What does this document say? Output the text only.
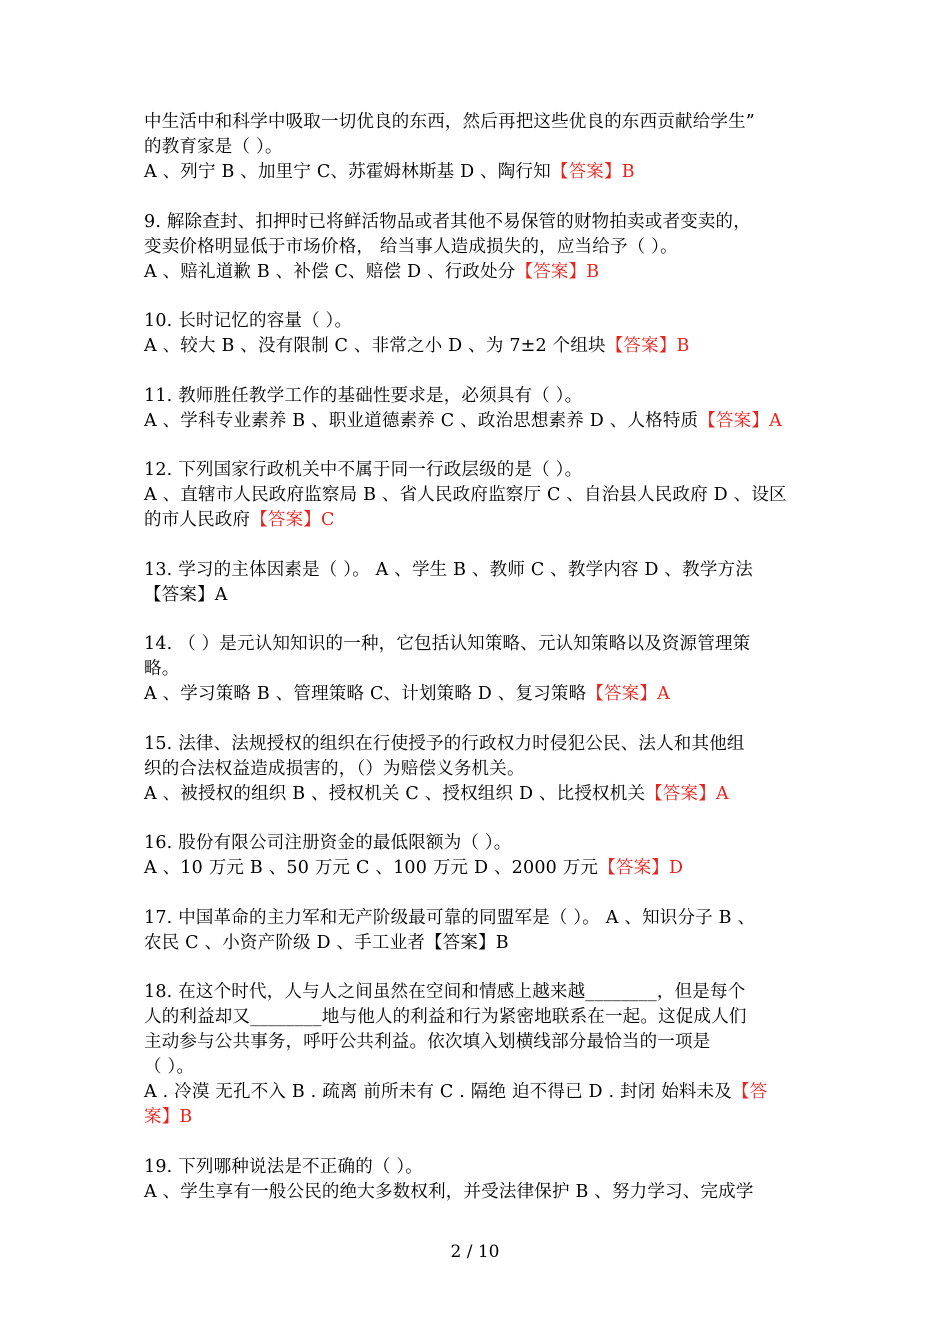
中生活中和科学中吸取一切优良的东西，然后再把这些优良的东西贡献给学生”
的教育家是（ ）。
A 、列宁 B 、加里宁 C、苏霍姆林斯基 D 、陶行知【答案】B
9. 解除查封、扣押时已将鲜活物品或者其他不易保管的财物拍卖或者变卖的，
变卖价格明显低于市场价格， 给当事人造成损失的，应当给予（ ）。
A 、赔礼道歉 B 、补偿 C、赔偿 D 、行政处分【答案】B
10. 长时记忆的容量（ ）。
A 、较大 B 、没有限制 C 、非常之小 D 、为 7±2 个组块【答案】B
11. 教师胜任教学工作的基础性要求是，必须具有（ ）。
A 、学科专业素养 B 、职业道德素养 C 、政治思想素养 D 、人格特质【答案】A
12. 下列国家行政机关中不属于同一行政层级的是（ ）。
A 、直辖市人民政府监察局 B 、省人民政府监察厅 C 、自治县人民政府 D 、设区
的市人民政府【答案】C
13. 学习的主体因素是（ ）。 A 、学生 B 、教师 C 、教学内容 D 、教学方法
【答案】A
14. （ ）是元认知知识的一种，它包括认知策略、元认知策略以及资源管理策
略。
A 、学习策略 B 、管理策略 C、计划策略 D 、复习策略【答案】A
15. 法律、法规授权的组织在行使授予的行政权力时侵犯公民、法人和其他组
织的合法权益造成损害的，（）为赔偿义务机关。
A 、被授权的组织 B 、授权机关 C 、授权组织 D 、比授权机关【答案】A
16. 股份有限公司注册资金的最低限额为（ ）。
A 、10 万元 B 、50 万元 C 、100 万元 D 、2000 万元【答案】D
17. 中国革命的主力军和无产阶级最可靠的同盟军是（ ）。 A 、知识分子 B 、
农民 C 、小资产阶级 D 、手工业者【答案】B
18. 在这个时代，人与人之间虽然在空间和情感上越来越________，但是每个
人的利益却又________地与他人的利益和行为紧密地联系在一起。这促成人们
主动参与公共事务，呼吁公共利益。依次填入划横线部分最恰当的一项是
（ ）。
A . 冷漠 无孔不入 B . 疏离 前所未有 C . 隔绝 迫不得已 D . 封闭 始料未及【答
案】B
19. 下列哪种说法是不正确的（ ）。
A 、学生享有一般公民的绝大多数权利，并受法律保护 B 、努力学习、完成学
2 / 10
